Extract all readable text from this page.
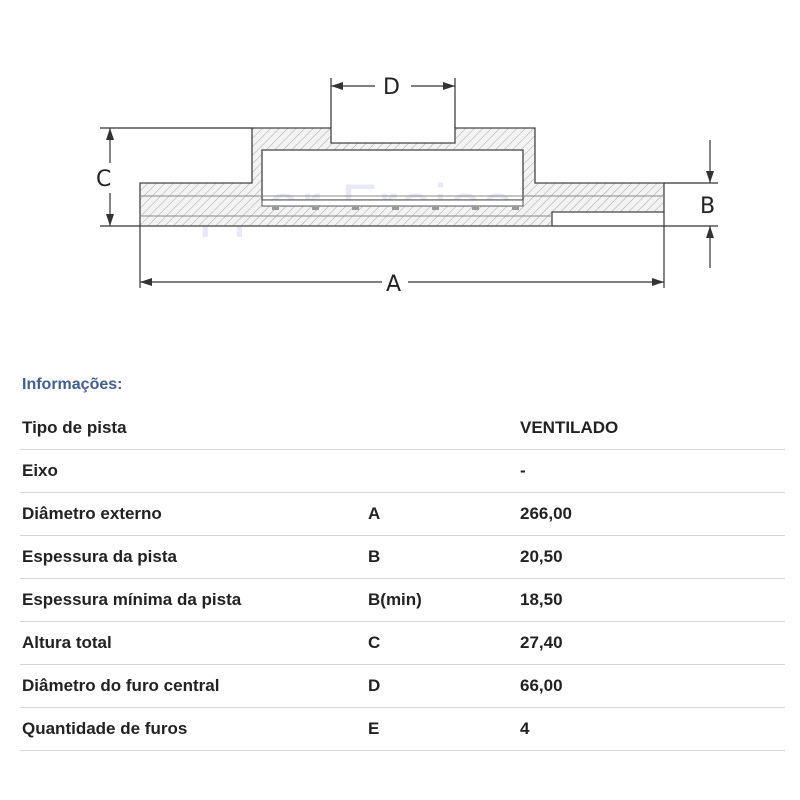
D
C
B
A
Informações:
Tipo de pista		VENTILADO
Eixo		-
Diâmetro externo	A	266,00
Espessura da pista	B	20,50
Espessura mínima da pista	B(min)	18,50
Altura total	C	27,40
Diâmetro do furo central	D	66,00
Quantidade de furos	E	4
